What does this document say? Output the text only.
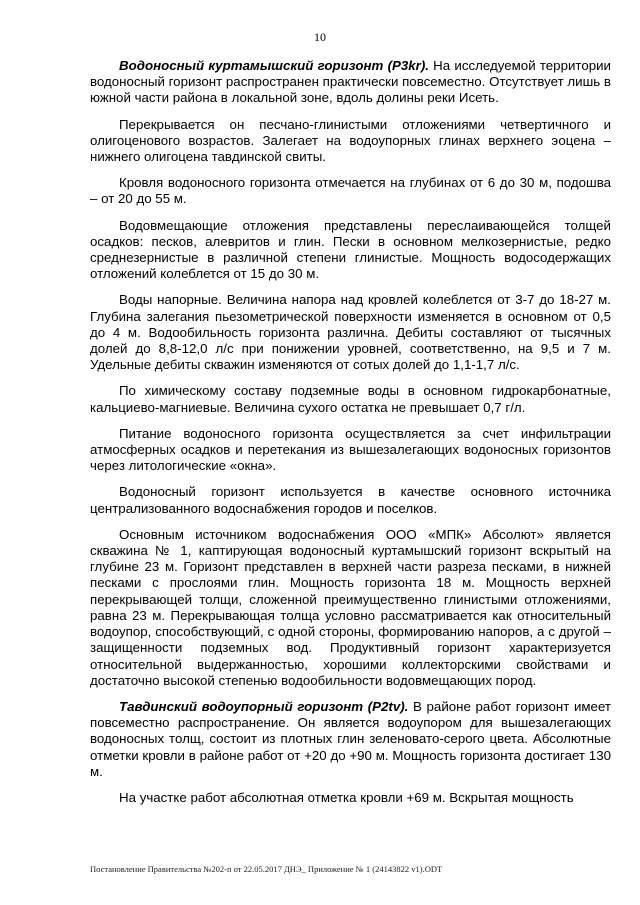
10

Водоносный куртамышский горизонт (P3kr). На исследуемой территории водоносный горизонт распространен практически повсеместно. Отсутствует лишь в южной части района в локальной зоне, вдоль долины реки Исеть.

Перекрывается он песчано-глинистыми отложениями четвертичного и олигоценового возрастов. Залегает на водоупорных глинах верхнего эоцена – нижнего олигоцена тавдинской свиты.

Кровля водоносного горизонта отмечается на глубинах от 6 до 30 м, подошва – от 20 до 55 м.

Водовмещающие отложения представлены переслаивающейся толщей осадков: песков, алевритов и глин. Пески в основном мелкозернистые, редко среднезернистые в различной степени глинистые. Мощность водосодержащих отложений колеблется от 15 до 30 м.

Воды напорные. Величина напора над кровлей колеблется от 3-7 до 18-27 м. Глубина залегания пьезометрической поверхности изменяется в основном от 0,5 до 4 м. Водообильность горизонта различна. Дебиты составляют от тысячных долей до 8,8-12,0 л/с при понижении уровней, соответственно, на 9,5 и 7 м. Удельные дебиты скважин изменяются от сотых долей до 1,1-1,7 л/с.

По химическому составу подземные воды в основном гидрокарбонатные, кальциево-магниевые. Величина сухого остатка не превышает 0,7 г/л.

Питание водоносного горизонта осуществляется за счет инфильтрации атмосферных осадков и перетекания из вышезалегающих водоносных горизонтов через литологические «окна».

Водоносный горизонт используется в качестве основного источника централизованного водоснабжения городов и поселков.

Основным источником водоснабжения ООО «МПК» Абсолют» является скважина № 1, каптирующая водоносный куртамышский горизонт вскрытый на глубине 23 м. Горизонт представлен в верхней части разреза песками, в нижней песками с прослоями глин. Мощность горизонта 18 м. Мощность верхней перекрывающей толщи, сложенной преимущественно глинистыми отложениями, равна 23 м. Перекрывающая толща условно рассматривается как относительный водоупор, способствующий, с одной стороны, формированию напоров, а с другой – защищенности подземных вод. Продуктивный горизонт характеризуется относительной выдержанностью, хорошими коллекторскими свойствами и достаточно высокой степенью водообильности водовмещающих пород.

Тавдинский водоупорный горизонт (P2tv). В районе работ горизонт имеет повсеместно распространение. Он является водоупором для вышезалегающих водоносных толщ, состоит из плотных глин зеленовато-серого цвета. Абсолютные отметки кровли в районе работ от +20 до +90 м. Мощность горизонта достигает 130 м.

На участке работ абсолютная отметка кровли +69 м. Вскрытая мощность

Постановление Правительства №202-п от 22.05.2017 ДНЭ_ Приложение № 1 (24143822 v1).ODT
